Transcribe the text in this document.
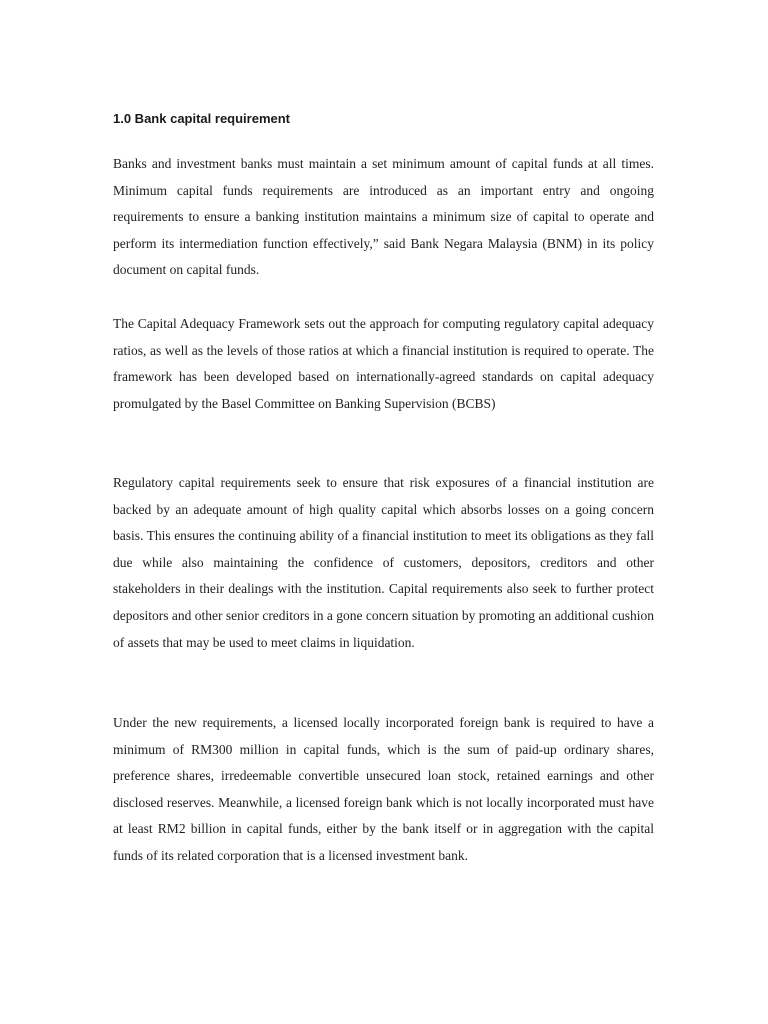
1.0 Bank capital requirement

Banks and investment banks must maintain a set minimum amount of capital funds at all times. Minimum capital funds requirements are introduced as an important entry and ongoing requirements to ensure a banking institution maintains a minimum size of capital to operate and perform its intermediation function effectively,” said Bank Negara Malaysia (BNM) in its policy document on capital funds.

The Capital Adequacy Framework sets out the approach for computing regulatory capital adequacy ratios, as well as the levels of those ratios at which a financial institution is required to operate. The framework has been developed based on internationally-agreed standards on capital adequacy promulgated by the Basel Committee on Banking Supervision (BCBS)

Regulatory capital requirements seek to ensure that risk exposures of a financial institution are backed by an adequate amount of high quality capital which absorbs losses on a going concern basis. This ensures the continuing ability of a financial institution to meet its obligations as they fall due while also maintaining the confidence of customers, depositors, creditors and other stakeholders in their dealings with the institution. Capital requirements also seek to further protect depositors and other senior creditors in a gone concern situation by promoting an additional cushion of assets that may be used to meet claims in liquidation.

Under the new requirements, a licensed locally incorporated foreign bank is required to have a minimum of RM300 million in capital funds, which is the sum of paid-up ordinary shares, preference shares, irredeemable convertible unsecured loan stock, retained earnings and other disclosed reserves. Meanwhile, a licensed foreign bank which is not locally incorporated must have at least RM2 billion in capital funds, either by the bank itself or in aggregation with the capital funds of its related corporation that is a licensed investment bank.
